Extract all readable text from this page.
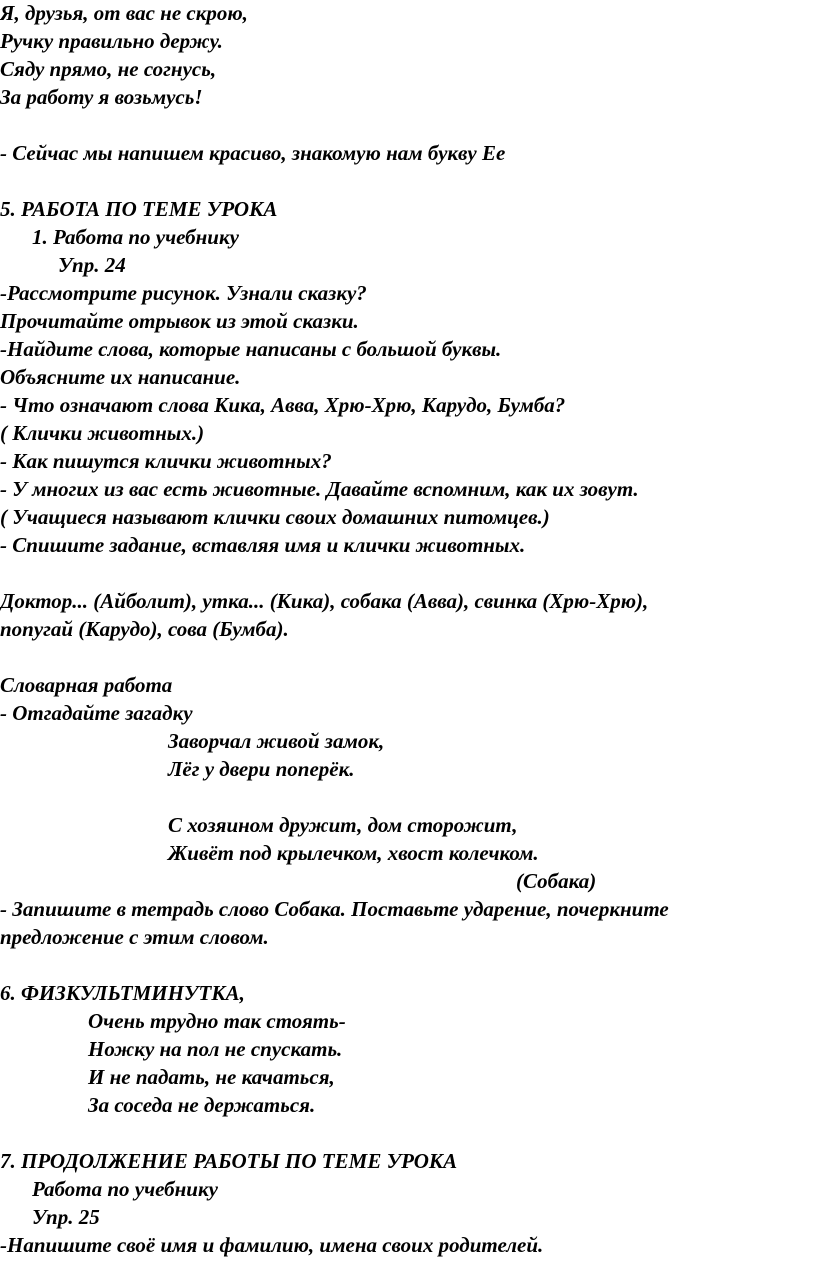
Я, друзья, от вас не скрою,

Ручку правильно держу.

Сяду прямо, не согнусь,

За работу я возьмусь!

- Сейчас мы напишем красиво, знакомую нам букву Ее

5. РАБОТА ПО ТЕМЕ УРОКА

1. Работа по учебнику

Упр. 24

-Рассмотрите рисунок. Узнали сказку?

Прочитайте отрывок из этой сказки.

-Найдите слова, которые написаны с большой буквы.

Объясните их написание.

- Что означают слова Кика, Авва, Хрю-Хрю, Карудо, Бумба?

( Клички животных.)

- Как пишутся клички животных?

- У многих из вас есть животные. Давайте вспомним, как их зовут.

( Учащиеся называют клички своих домашних питомцев.)

- Спишите задание, вставляя имя и клички животных.

Доктор... (Айболит), утка... (Кика), собака (Авва), свинка (Хрю-Хрю),

попугай (Карудо), сова (Бумба).

Словарная работа

- Отгадайте загадку

Заворчал живой замок,

Лёг у двери поперёк.

С хозяином дружит, дом сторожит,

Живёт под крылечком, хвост колечком.

(Собака)

- Запишите в тетрадь слово Собака. Поставьте ударение, почеркните

предложение с этим словом.

6. ФИЗКУЛЬТМИНУТКА,

Очень трудно так стоять-

Ножку на пол не спускать.

И не падать, не качаться,

За соседа не держаться.

7. ПРОДОЛЖЕНИЕ РАБОТЫ ПО ТЕМЕ УРОКА

Работа по учебнику

Упр. 25

-Напишите своё имя и фамилию, имена своих родителей.
